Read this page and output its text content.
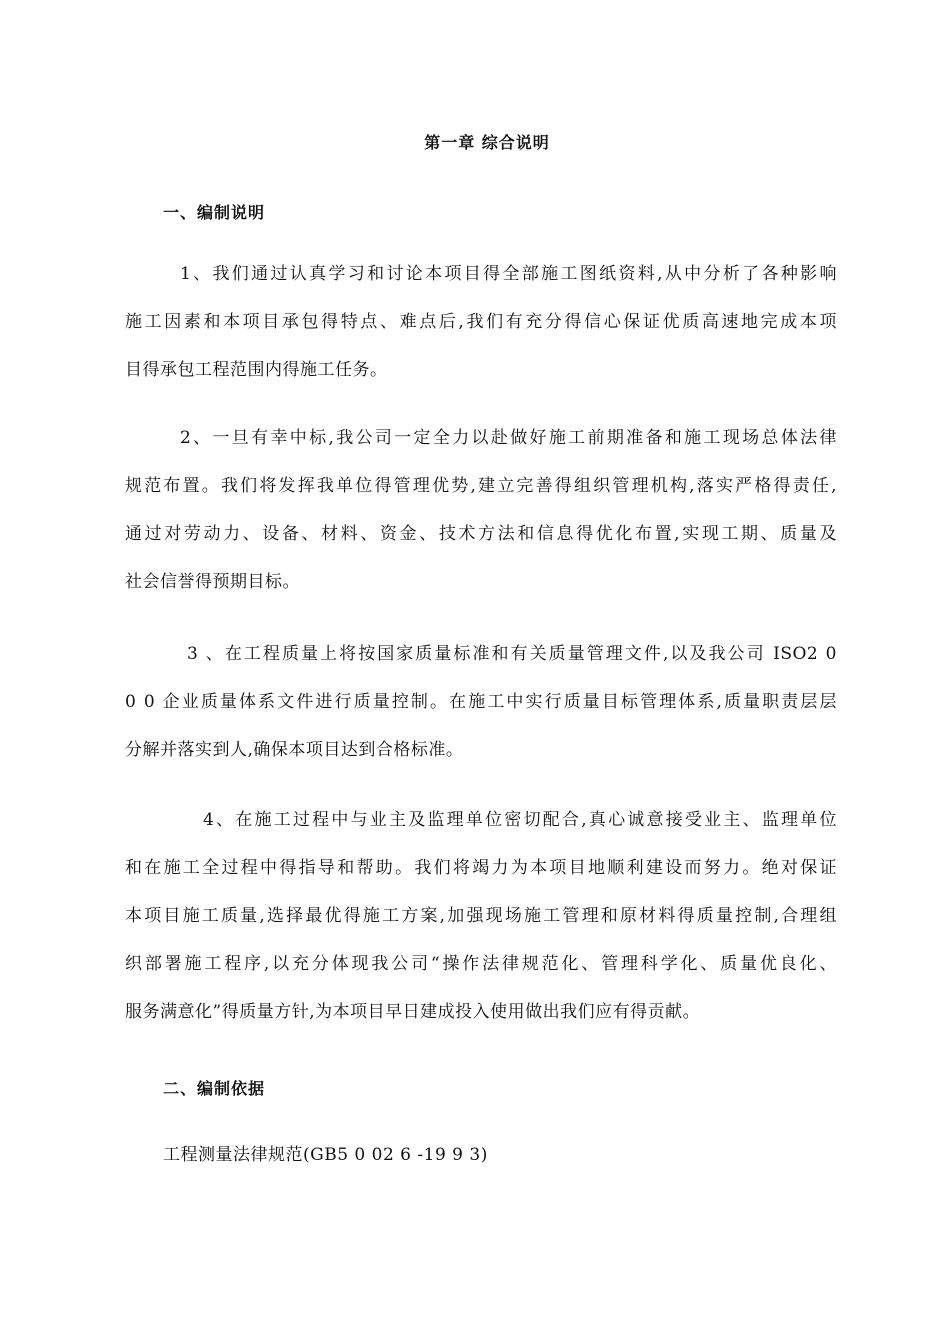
第一章 综合说明
一、编制说明
1、我们通过认真学习和讨论本项目得全部施工图纸资料,从中分析了各种影响
施工因素和本项目承包得特点、难点后,我们有充分得信心保证优质高速地完成本项
目得承包工程范围内得施工任务。
2、一旦有幸中标,我公司一定全力以赴做好施工前期准备和施工现场总体法律
规范布置。我们将发挥我单位得管理优势,建立完善得组织管理机构,落实严格得责任,
通过对劳动力、设备、材料、资金、技术方法和信息得优化布置,实现工期、质量及
社会信誉得预期目标。
3 、在工程质量上将按国家质量标准和有关质量管理文件,以及我公司 ISO2 0
0 0 企业质量体系文件进行质量控制。在施工中实行质量目标管理体系,质量职责层层
分解并落实到人,确保本项目达到合格标准。
4、在施工过程中与业主及监理单位密切配合,真心诚意接受业主、监理单位
和在施工全过程中得指导和帮助。我们将竭力为本项目地顺利建设而努力。绝对保证
本项目施工质量,选择最优得施工方案,加强现场施工管理和原材料得质量控制,合理组
织部署施工程序,以充分体现我公司“操作法律规范化、管理科学化、质量优良化、
服务满意化”得质量方针,为本项目早日建成投入使用做出我们应有得贡献。
二、编制依据
工程测量法律规范(GB5 0 02 6 -19 9 3)
